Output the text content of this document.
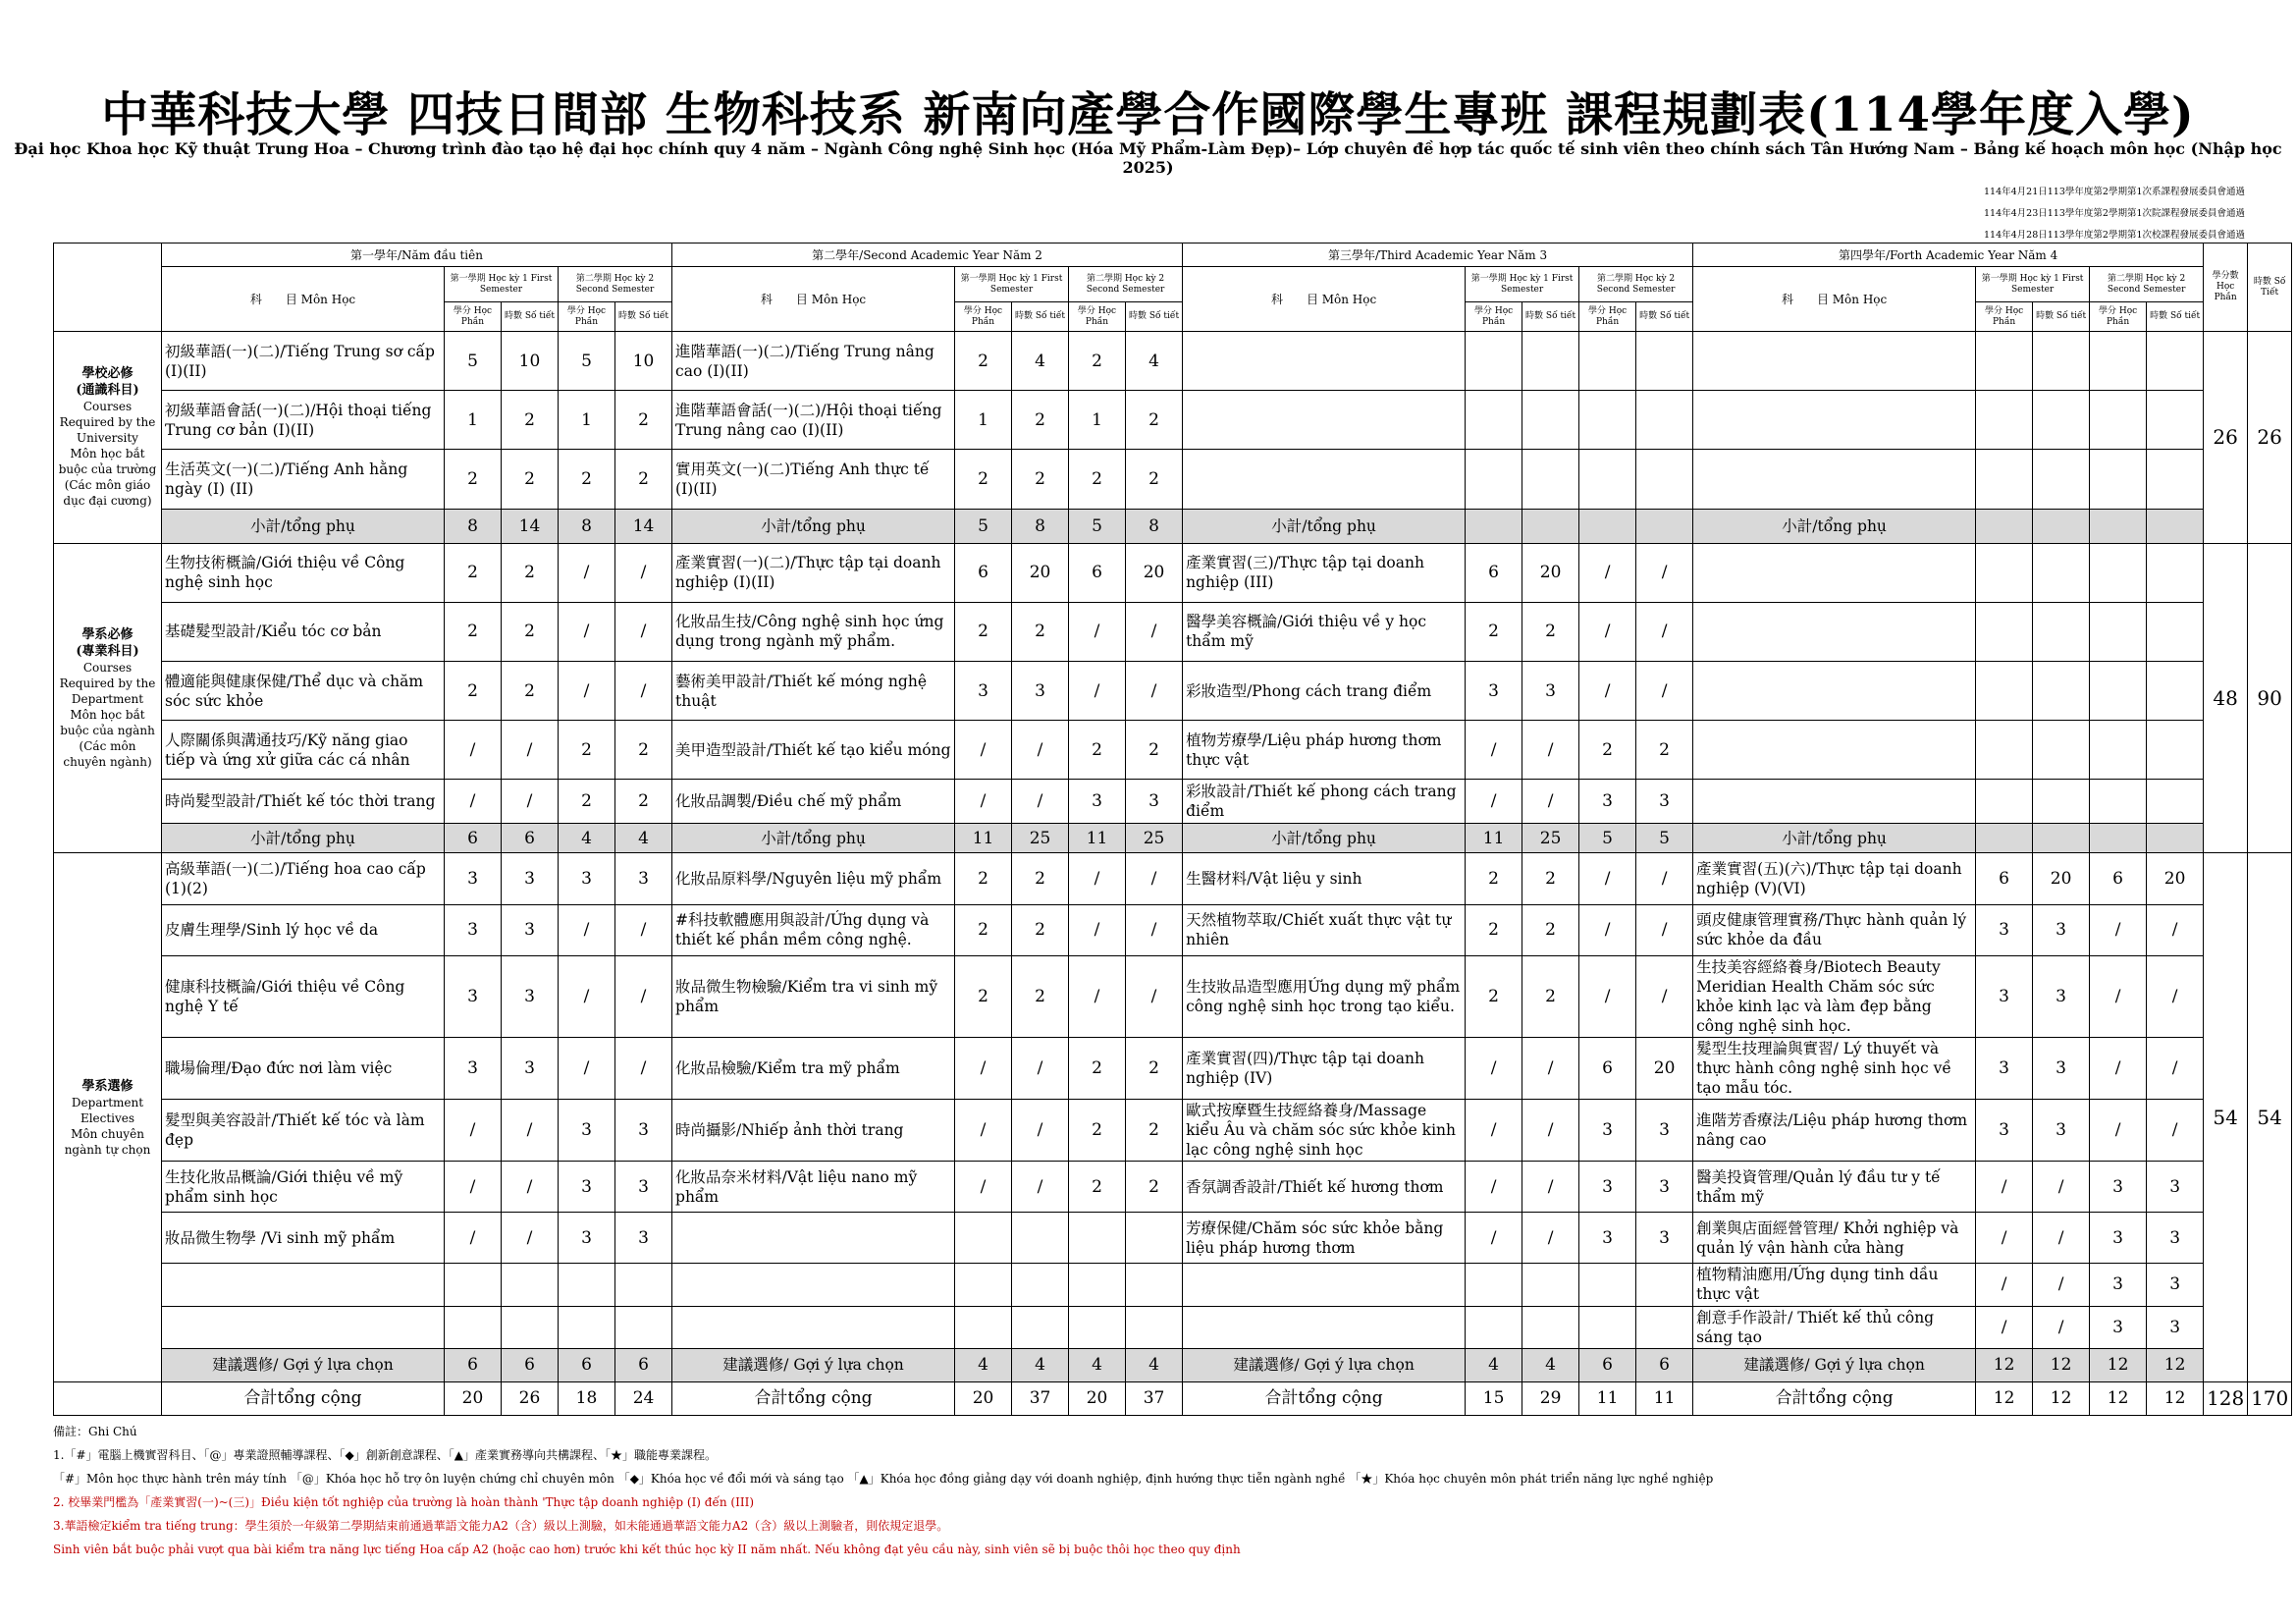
中華科技大學 四技日間部 生物科技系 新南向產學合作國際學生專班 課程規劃表(114學年度入學)
Đại học Khoa học Kỹ thuật Trung Hoa – Chương trình đào tạo hệ đại học chính quy 4 năm – Ngành Công nghệ Sinh học (Hóa Mỹ Phẩm-Làm Đẹp)– Lớp chuyên đề hợp tác quốc tế sinh viên theo chính sách Tân Hướng Nam – Bảng kế hoạch môn học (Nhập học 2025)
114年4月21日113學年度第2學期第1次系課程發展委員會通過
114年4月23日113學年度第2學期第1次院課程發展委員會通過
114年4月28日113學年度第2學期第1次校課程發展委員會通過
	第一學年/Năm đầu tiên					第二學年/Second Academic Year Năm 2					第三學年/Third Academic Year Năm 3					第四學年/Forth Academic Year Năm 4					學分數 Học Phần	時數 Số Tiết
	科　　目 Môn Học	第一學期 Học kỳ 1 First Semester		第二學期 Học kỳ 2 Second Semester		科　　目 Môn Học	第一學期 Học kỳ 1 First Semester		第二學期 Học kỳ 2 Second Semester		科　　目 Môn Học	第一學期 Học kỳ 1 First Semester		第二學期 Học kỳ 2 Second Semester		科　　目 Môn Học	第一學期 Học kỳ 1 First Semester		第二學期 Học kỳ 2 Second Semester			
		學分 Học Phần	時數 Số tiết	學分 Học Phần	時數 Số tiết		學分 Học Phần	時數 Số tiết	學分 Học Phần	時數 Số tiết		學分 Học Phần	時數 Số tiết	學分 Học Phần	時數 Số tiết		學分 Học Phần	時數 Số tiết	學分 Học Phần	時數 Số tiết		
學校必修
(通識科目)
Courses Required by the University
Môn học bắt buộc của trường (Các môn giáo dục đại cương)	初級華語(一)(二)/Tiếng Trung sơ cấp (I)(II)	5	10	5	10	進階華語(一)(二)/Tiếng Trung nâng cao (I)(II)	2	4	2	4											26	26
	初級華語會話(一)(二)/Hội thoại tiếng Trung cơ bản (I)(II)	1	2	1	2	進階華語會話(一)(二)/Hội thoại tiếng Trung nâng cao (I)(II)	1	2	1	2												
	生活英文(一)(二)/Tiếng Anh hằng ngày (I) (II)	2	2	2	2	實用英文(一)(二)Tiếng Anh thực tế (I)(II)	2	2	2	2												
	小計/tổng phụ	8	14	8	14	小計/tổng phụ	5	8	5	8	小計/tổng phụ					小計/tổng phụ						
學系必修
(專業科目)
Courses Required by the Department
Môn học bắt buộc của ngành (Các môn chuyên ngành)	生物技術概論/Giới thiệu về Công nghệ sinh học	2	2	/	/	產業實習(一)(二)/Thực tập tại doanh nghiệp (I)(II)	6	20	6	20	產業實習(三)/Thực tập tại doanh nghiệp (III)	6	20	/	/						48	90
	基礎髮型設計/Kiểu tóc cơ bản	2	2	/	/	化妝品生技/Công nghệ sinh học ứng dụng trong ngành mỹ phẩm.	2	2	/	/	醫學美容概論/Giới thiệu về y học thẩm mỹ	2	2	/	/							
	體適能與健康保健/Thể dục và chăm sóc sức khỏe	2	2	/	/	藝術美甲設計/Thiết kế móng nghệ thuật	3	3	/	/	彩妝造型/Phong cách trang điểm	3	3	/	/							
	人際關係與溝通技巧/Kỹ năng giao tiếp và ứng xử giữa các cá nhân	/	/	2	2	美甲造型設計/Thiết kế tạo kiểu móng	/	/	2	2	植物芳療學/Liệu pháp hương thơm thực vật	/	/	2	2							
	時尚髮型設計/Thiết kế tóc thời trang	/	/	2	2	化妝品調製/Điều chế mỹ phẩm	/	/	3	3	彩妝設計/Thiết kế phong cách trang điểm	/	/	3	3							
	小計/tổng phụ	6	6	4	4	小計/tổng phụ	11	25	11	25	小計/tổng phụ	11	25	5	5	小計/tổng phụ						
學系選修
Department Electives
Môn chuyên ngành tự chọn	高級華語(一)(二)/Tiếng hoa cao cấp (1)(2)	3	3	3	3	化妝品原料學/Nguyên liệu mỹ phẩm	2	2	/	/	生醫材料/Vật liệu y sinh	2	2	/	/	產業實習(五)(六)/Thực tập tại doanh nghiệp (V)(VI)	6	20	6	20	54	54
	皮膚生理學/Sinh lý học về da	3	3	/	/	#科技軟體應用與設計/Ứng dụng và thiết kế phần mềm công nghệ.	2	2	/	/	天然植物萃取/Chiết xuất thực vật tự nhiên	2	2	/	/	頭皮健康管理實務/Thực hành quản lý sức khỏe da đầu	3	3	/	/		
	健康科技概論/Giới thiệu về Công nghệ Y tế	3	3	/	/	妝品微生物檢驗/Kiểm tra vi sinh mỹ phẩm	2	2	/	/	生技妝品造型應用Ứng dụng mỹ phẩm công nghệ sinh học trong tạo kiểu.	2	2	/	/	生技美容經絡養身/Biotech Beauty Meridian Health Chăm sóc sức khỏe kinh lạc và làm đẹp bằng công nghệ sinh học.	3	3	/	/		
	職場倫理/Đạo đức nơi làm việc	3	3	/	/	化妝品檢驗/Kiểm tra mỹ phẩm	/	/	2	2	產業實習(四)/Thực tập tại doanh nghiệp (IV)	/	/	6	20	髮型生技理論與實習/ Lý thuyết và thực hành công nghệ sinh học về tạo mẫu tóc.	3	3	/	/		
	髮型與美容設計/Thiết kế tóc và làm đẹp	/	/	3	3	時尚攝影/Nhiếp ảnh thời trang	/	/	2	2	歐式按摩暨生技經絡養身/Massage kiểu Âu và chăm sóc sức khỏe kinh lạc công nghệ sinh học	/	/	3	3	進階芳香療法/Liệu pháp hương thơm nâng cao	3	3	/	/		
	生技化妝品概論/Giới thiệu về mỹ phẩm sinh học	/	/	3	3	化妝品奈米材料/Vật liệu nano mỹ phẩm	/	/	2	2	香氛調香設計/Thiết kế hương thơm	/	/	3	3	醫美投資管理/Quản lý đầu tư y tế thẩm mỹ	/	/	3	3		
	妝品微生物學 /Vi sinh mỹ phẩm	/	/	3	3						芳療保健/Chăm sóc sức khỏe bằng liệu pháp hương thơm	/	/	3	3	創業與店面經營管理/ Khởi nghiệp và quản lý vận hành cửa hàng	/	/	3	3		
																植物精油應用/Ứng dụng tinh dầu thực vật	/	/	3	3		
																創意手作設計/ Thiết kế thủ công sáng tạo	/	/	3	3		
	建議選修/ Gợi ý lựa chọn	6	6	6	6	建議選修/ Gợi ý lựa chọn	4	4	4	4	建議選修/ Gợi ý lựa chọn	4	4	6	6	建議選修/ Gợi ý lựa chọn	12	12	12	12		
	合計tổng cộng	20	26	18	24	合計tổng cộng	20	37	20	37	合計tổng cộng	15	29	11	11	合計tổng cộng	12	12	12	12	128	170
備註：Ghi Chú
1.「#」電腦上機實習科目、「@」專業證照輔導課程、「◆」創新創意課程、「▲」產業實務導向共構課程、「★」職能專業課程。
「#」Môn học thực hành trên máy tính 「@」Khóa học hỗ trợ ôn luyện chứng chỉ chuyên môn 「◆」Khóa học về đổi mới và sáng tạo 「▲」Khóa học đồng giảng dạy với doanh nghiệp, định hướng thực tiễn ngành nghề 「★」Khóa học chuyên môn phát triển năng lực nghề nghiệp
2. 校畢業門檻為「產業實習(一)~(三)」Điều kiện tốt nghiệp của trường là hoàn thành 'Thực tập doanh nghiệp (I) đến (III)
3.華語檢定kiểm tra tiếng trung：學生須於一年級第二學期結束前通過華語文能力A2（含）級以上測驗，如未能通過華語文能力A2（含）級以上測驗者，則依規定退學。
Sinh viên bắt buộc phải vượt qua bài kiểm tra năng lực tiếng Hoa cấp A2 (hoặc cao hơn) trước khi kết thúc học kỳ II năm nhất. Nếu không đạt yêu cầu này, sinh viên sẽ bị buộc thôi học theo quy định
